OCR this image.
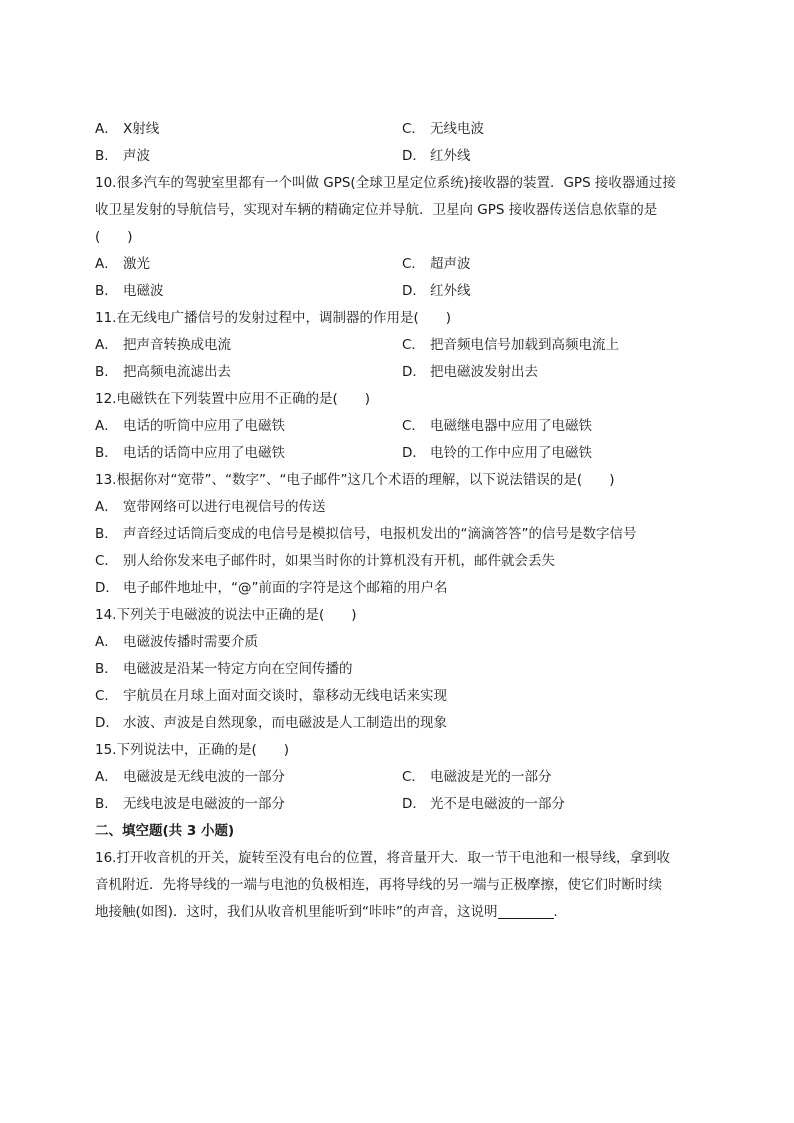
A． X射线	C． 无线电波
B． 声波	D． 红外线
10.很多汽车的驾驶室里都有一个叫做 GPS(全球卫星定位系统)接收器的装置．GPS 接收器通过接
收卫星发射的导航信号，实现对车辆的精确定位并导航．卫星向 GPS 接收器传送信息依靠的是
(　　)
A． 激光	C． 超声波
B． 电磁波	D． 红外线
11.在无线电广播信号的发射过程中，调制器的作用是(　　)
A． 把声音转换成电流	C． 把音频电信号加载到高频电流上
B． 把高频电流滤出去	D． 把电磁波发射出去
12.电磁铁在下列装置中应用不正确的是(　　)
A． 电话的听筒中应用了电磁铁	C． 电磁继电器中应用了电磁铁
B． 电话的话筒中应用了电磁铁	D． 电铃的工作中应用了电磁铁
13.根据你对“宽带”、“数字”、“电子邮件”这几个术语的理解，以下说法错误的是(　　)
A． 宽带网络可以进行电视信号的传送
B． 声音经过话筒后变成的电信号是模拟信号，电报机发出的“滴滴答答”的信号是数字信号
C． 别人给你发来电子邮件时，如果当时你的计算机没有开机，邮件就会丢失
D． 电子邮件地址中，“@”前面的字符是这个邮箱的用户名
14.下列关于电磁波的说法中正确的是(　　)
A． 电磁波传播时需要介质
B． 电磁波是沿某一特定方向在空间传播的
C． 宇航员在月球上面对面交谈时，靠移动无线电话来实现
D． 水波、声波是自然现象，而电磁波是人工制造出的现象
15.下列说法中，正确的是(　　)
A． 电磁波是无线电波的一部分	C． 电磁波是光的一部分
B． 无线电波是电磁波的一部分	D． 光不是电磁波的一部分
二、填空题(共 3 小题)
16.打开收音机的开关，旋转至没有电台的位置，将音量开大．取一节干电池和一根导线，拿到收
音机附近．先将导线的一端与电池的负极相连，再将导线的另一端与正极摩擦，使它们时断时续
地接触(如图)．这时，我们从收音机里能听到“咔咔”的声音，这说明	．
